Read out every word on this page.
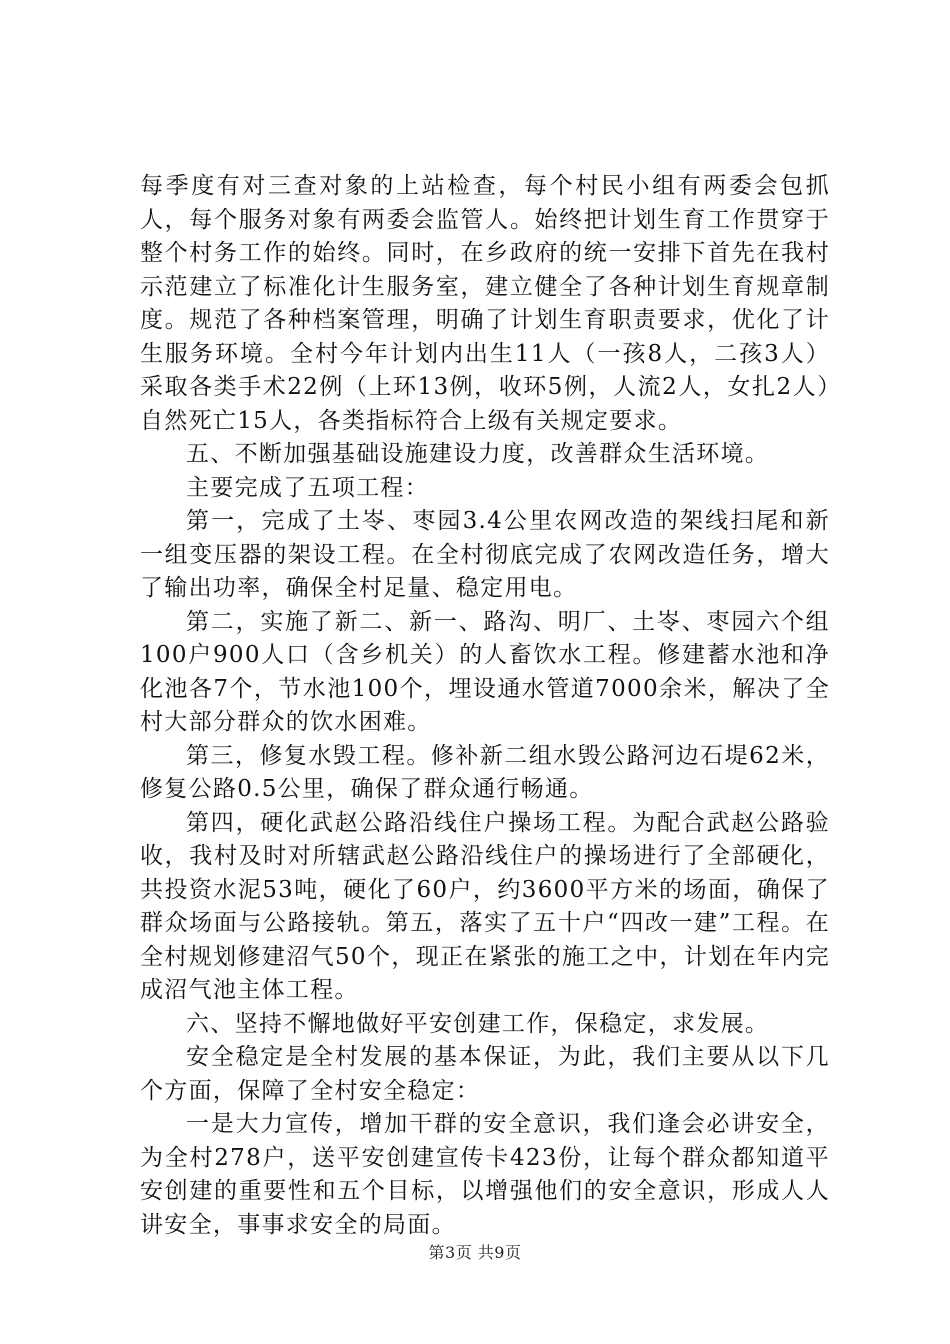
每季度有对三查对象的上站检查，每个村民小组有两委会包抓人，每个服务对象有两委会监管人。始终把计划生育工作贯穿于整个村务工作的始终。同时，在乡政府的统一安排下首先在我村示范建立了标准化计生服务室，建立健全了各种计划生育规章制度。规范了各种档案管理，明确了计划生育职责要求，优化了计生服务环境。全村今年计划内出生11人（一孩8人，二孩3人）采取各类手术22例（上环13例，收环5例，人流2人，女扎2人）自然死亡15人，各类指标符合上级有关规定要求。

五、不断加强基础设施建设力度，改善群众生活环境。

主要完成了五项工程：

第一，完成了土岺、枣园3.4公里农网改造的架线扫尾和新一组变压器的架设工程。在全村彻底完成了农网改造任务，增大了输出功率，确保全村足量、稳定用电。

第二，实施了新二、新一、路沟、明厂、土岺、枣园六个组100户900人口（含乡机关）的人畜饮水工程。修建蓄水池和净化池各7个，节水池100个，埋设通水管道7000余米，解决了全村大部分群众的饮水困难。

第三，修复水毁工程。修补新二组水毁公路河边石堤62米，修复公路0.5公里，确保了群众通行畅通。

第四，硬化武赵公路沿线住户操场工程。为配合武赵公路验收，我村及时对所辖武赵公路沿线住户的操场进行了全部硬化，共投资水泥53吨，硬化了60户，约3600平方米的场面，确保了群众场面与公路接轨。第五，落实了五十户“四改一建”工程。在全村规划修建沼气50个，现正在紧张的施工之中，计划在年内完成沼气池主体工程。

六、坚持不懈地做好平安创建工作，保稳定，求发展。

安全稳定是全村发展的基本保证，为此，我们主要从以下几个方面，保障了全村安全稳定：

一是大力宣传，增加干群的安全意识，我们逢会必讲安全，为全村278户，送平安创建宣传卡423份，让每个群众都知道平安创建的重要性和五个目标，以增强他们的安全意识，形成人人讲安全，事事求安全的局面。

第3页 共9页
